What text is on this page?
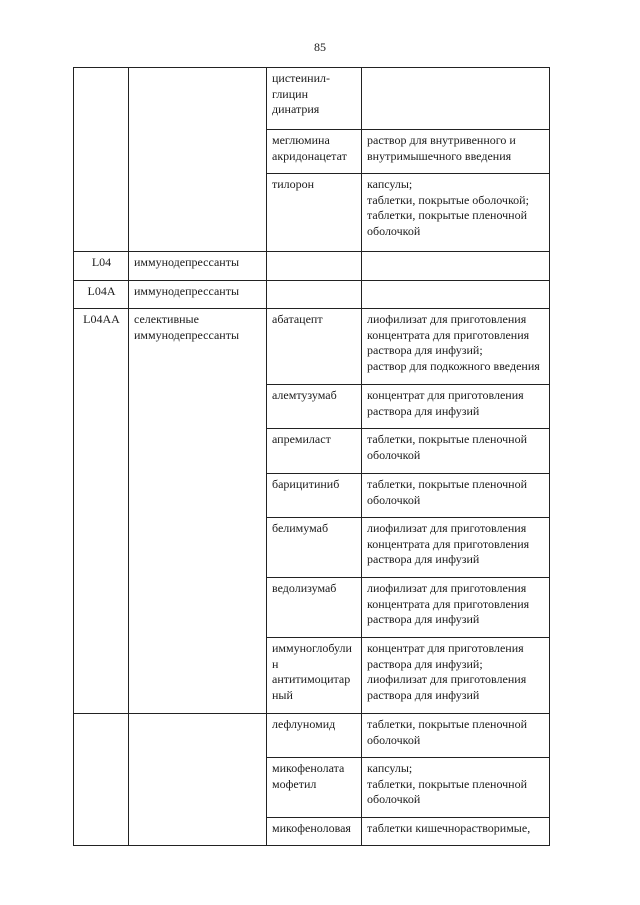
85

		цистеинил-
глицин
динатрия	

		меглюмина
акридонацетат	раствор для внутривенного и
внутримышечного введения

		тилорон	капсулы;
таблетки, покрытые оболочкой;
таблетки, покрытые пленочной
оболочкой

L04	иммунодепрессанты		

L04A	иммунодепрессанты		

L04AA	селективные
иммунодепрессанты	абатацепт	лиофилизат для приготовления
концентрата для приготовления
раствора для инфузий;
раствор для подкожного введения

		алемтузумаб	концентрат для приготовления
раствора для инфузий

		апремиласт	таблетки, покрытые пленочной
оболочкой

		барицитиниб	таблетки, покрытые пленочной
оболочкой

		белимумаб	лиофилизат для приготовления
концентрата для приготовления
раствора для инфузий

		ведолизумаб	лиофилизат для приготовления
концентрата для приготовления
раствора для инфузий

		иммуноглобули
н
антитимоцитар
ный	концентрат для приготовления
раствора для инфузий;
лиофилизат для приготовления
раствора для инфузий

		лефлуномид	таблетки, покрытые пленочной
оболочкой

		микофенолата
мофетил	капсулы;
таблетки, покрытые пленочной
оболочкой

		микофеноловая	таблетки кишечнорастворимые,
